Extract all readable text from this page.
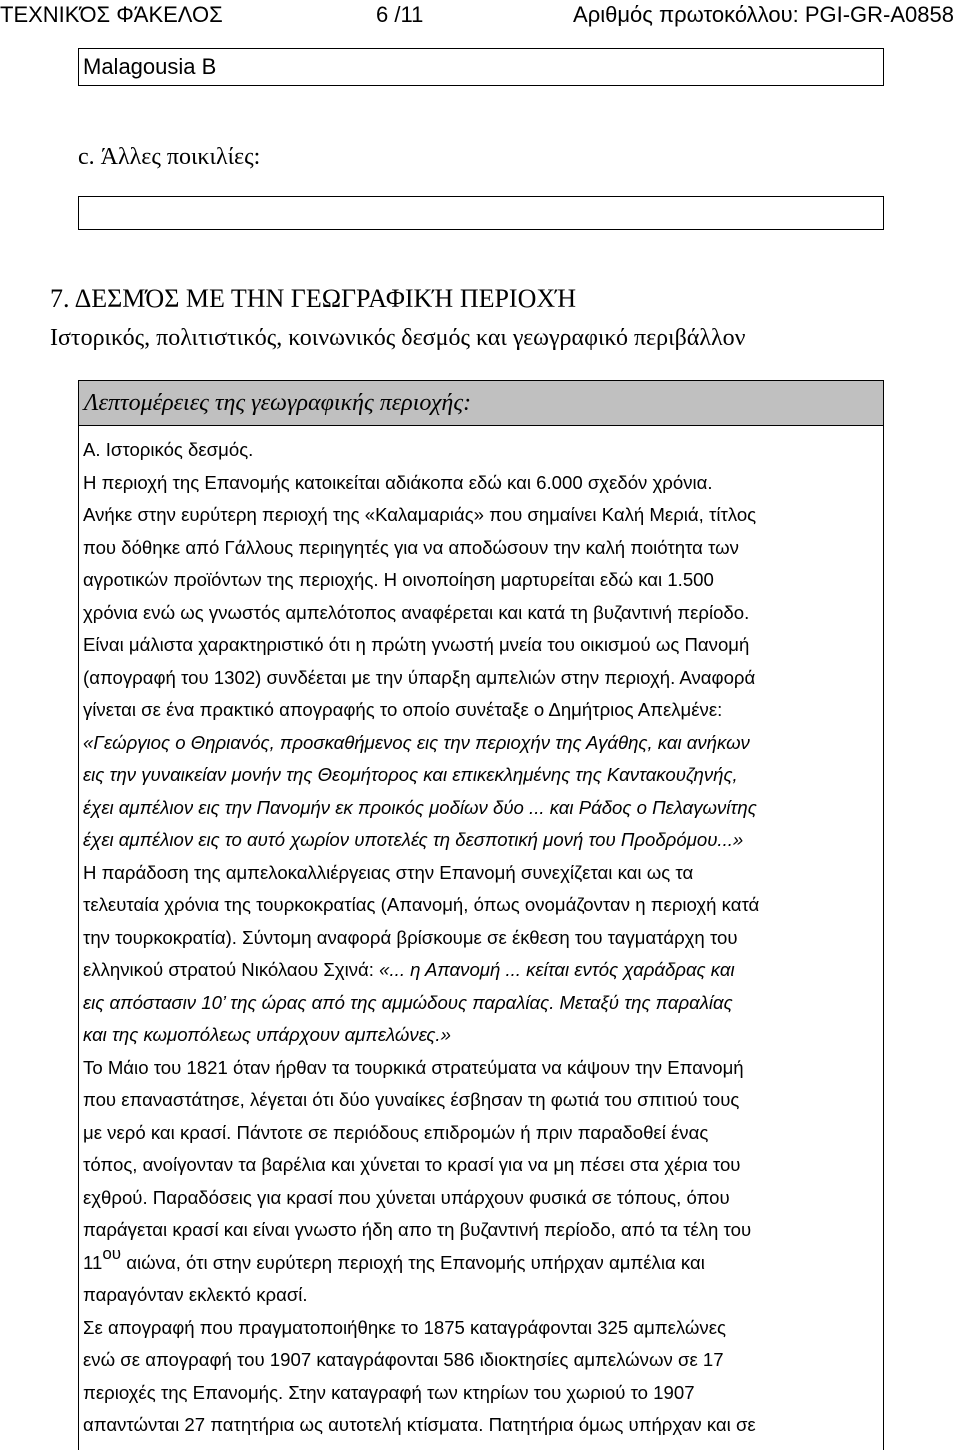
ΤΕΧΝΙΚΌΣ ΦΆΚΕΛΟΣ	6 /11	Αριθμός πρωτοκόλλου: PGI-GR-A0858
Malagousia B
c. Άλλες ποικιλίες:
7. ΔΕΣΜΌΣ ΜΕ ΤΗΝ ΓΕΩΓΡΑΦΙΚΉ ΠΕΡΙΟΧΉ
Ιστορικός, πολιτιστικός, κοινωνικός δεσμός και γεωγραφικό περιβάλλον
Λεπτομέρειες της γεωγραφικής περιοχής:
Α. Ιστορικός δεσμός.
Η περιοχή της Επανομής κατοικείται αδιάκοπα εδώ και 6.000 σχεδόν χρόνια.
Ανήκε στην ευρύτερη περιοχή της «Καλαμαριάς» που σημαίνει Καλή Μεριά, τίτλος
που δόθηκε από Γάλλους περιηγητές για να αποδώσουν την καλή ποιότητα των
αγροτικών προϊόντων της περιοχής. Η οινοποίηση μαρτυρείται εδώ και 1.500
χρόνια ενώ ως γνωστός αμπελότοπος αναφέρεται και κατά τη βυζαντινή περίοδο.
Είναι μάλιστα χαρακτηριστικό ότι η πρώτη γνωστή μνεία του οικισμού ως Πανομή
(απογραφή του 1302) συνδέεται με την ύπαρξη αμπελιών στην περιοχή. Αναφορά
γίνεται σε ένα πρακτικό απογραφής το οποίο συνέταξε ο Δημήτριος Απελμένε:
«Γεώργιος ο Θηριανός, προσκαθήμενος εις την περιοχήν της Αγάθης, και ανήκων
εις την γυναικείαν μονήν της Θεομήτορος και επικεκλημένης της Καντακουζηνής,
έχει αμπέλιον εις την Πανομήν εκ προικός μοδίων δύο ... και Ράδος ο Πελαγωνίτης
έχει αμπέλιον εις το αυτό χωρίον υποτελές τη δεσποτική μονή του Προδρόμου...»
Η παράδοση της αμπελοκαλλιέργειας στην Επανομή συνεχίζεται και ως τα
τελευταία χρόνια της τουρκοκρατίας (Απανομή, όπως ονομάζονταν η περιοχή κατά
την τουρκοκρατία). Σύντομη αναφορά βρίσκουμε σε έκθεση του ταγματάρχη του
ελληνικού στρατού Νικόλαου Σχινά: «... η Απανομή ... κείται εντός χαράδρας και
εις απόστασιν 10’ της ώρας από της αμμώδους παραλίας. Μεταξύ της παραλίας
και της κωμοπόλεως υπάρχουν αμπελώνες.»
Το Μάιο του 1821 όταν ήρθαν τα τουρκικά στρατεύματα να κάψουν την Επανομή
που επαναστάτησε, λέγεται ότι δύο γυναίκες έσβησαν τη φωτιά του σπιτιού τους
με νερό και κρασί. Πάντοτε σε περιόδους επιδρομών ή πριν παραδοθεί ένας
τόπος, ανοίγονταν τα βαρέλια και χύνεται το κρασί για να μη πέσει στα χέρια του
εχθρού. Παραδόσεις για κρασί που χύνεται υπάρχουν φυσικά σε τόπους, όπου
παράγεται κρασί και είναι γνωστο ήδη απο τη βυζαντινή περίοδο, από τα τέλη του
$11^{o\upsilon}$ αιώνα, ότι στην ευρύτερη περιοχή της Επανομής υπήρχαν αμπέλια και
παραγόνταν εκλεκτό κρασί.
Σε απογραφή που πραγματοποιήθηκε το 1875 καταγράφονται 325 αμπελώνες
ενώ σε απογραφή του 1907 καταγράφονται 586 ιδιοκτησίες αμπελώνων σε 17
περιοχές της Επανομής. Στην καταγραφή των κτηρίων του χωριού το 1907
απαντώνται 27 πατητήρια ως αυτοτελή κτίσματα. Πατητήρια όμως υπήρχαν και σε
